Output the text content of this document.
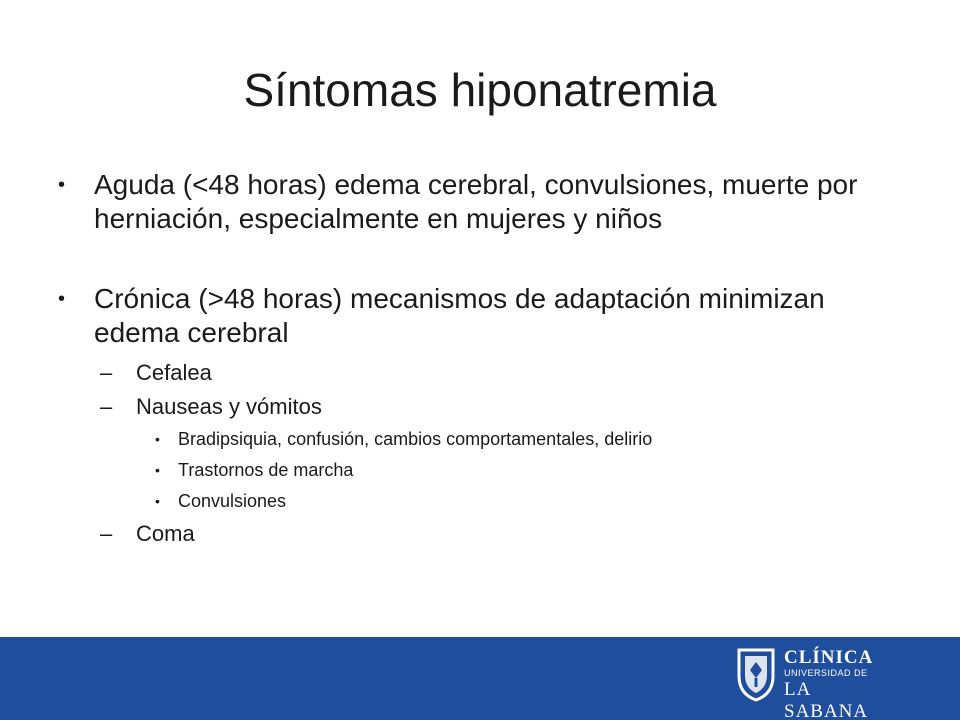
Síntomas hiponatremia
• Aguda (<48 horas) edema cerebral, convulsiones, muerte por herniación, especialmente en mujeres y niños
• Crónica (>48 horas) mecanismos de adaptación minimizan edema cerebral
– Cefalea
– Nauseas y vómitos
• Bradipsiquia, confusión, cambios comportamentales, delirio
• Trastornos de marcha
• Convulsiones
– Coma
CLÍNICA
UNIVERSIDAD DE
LA SABANA
